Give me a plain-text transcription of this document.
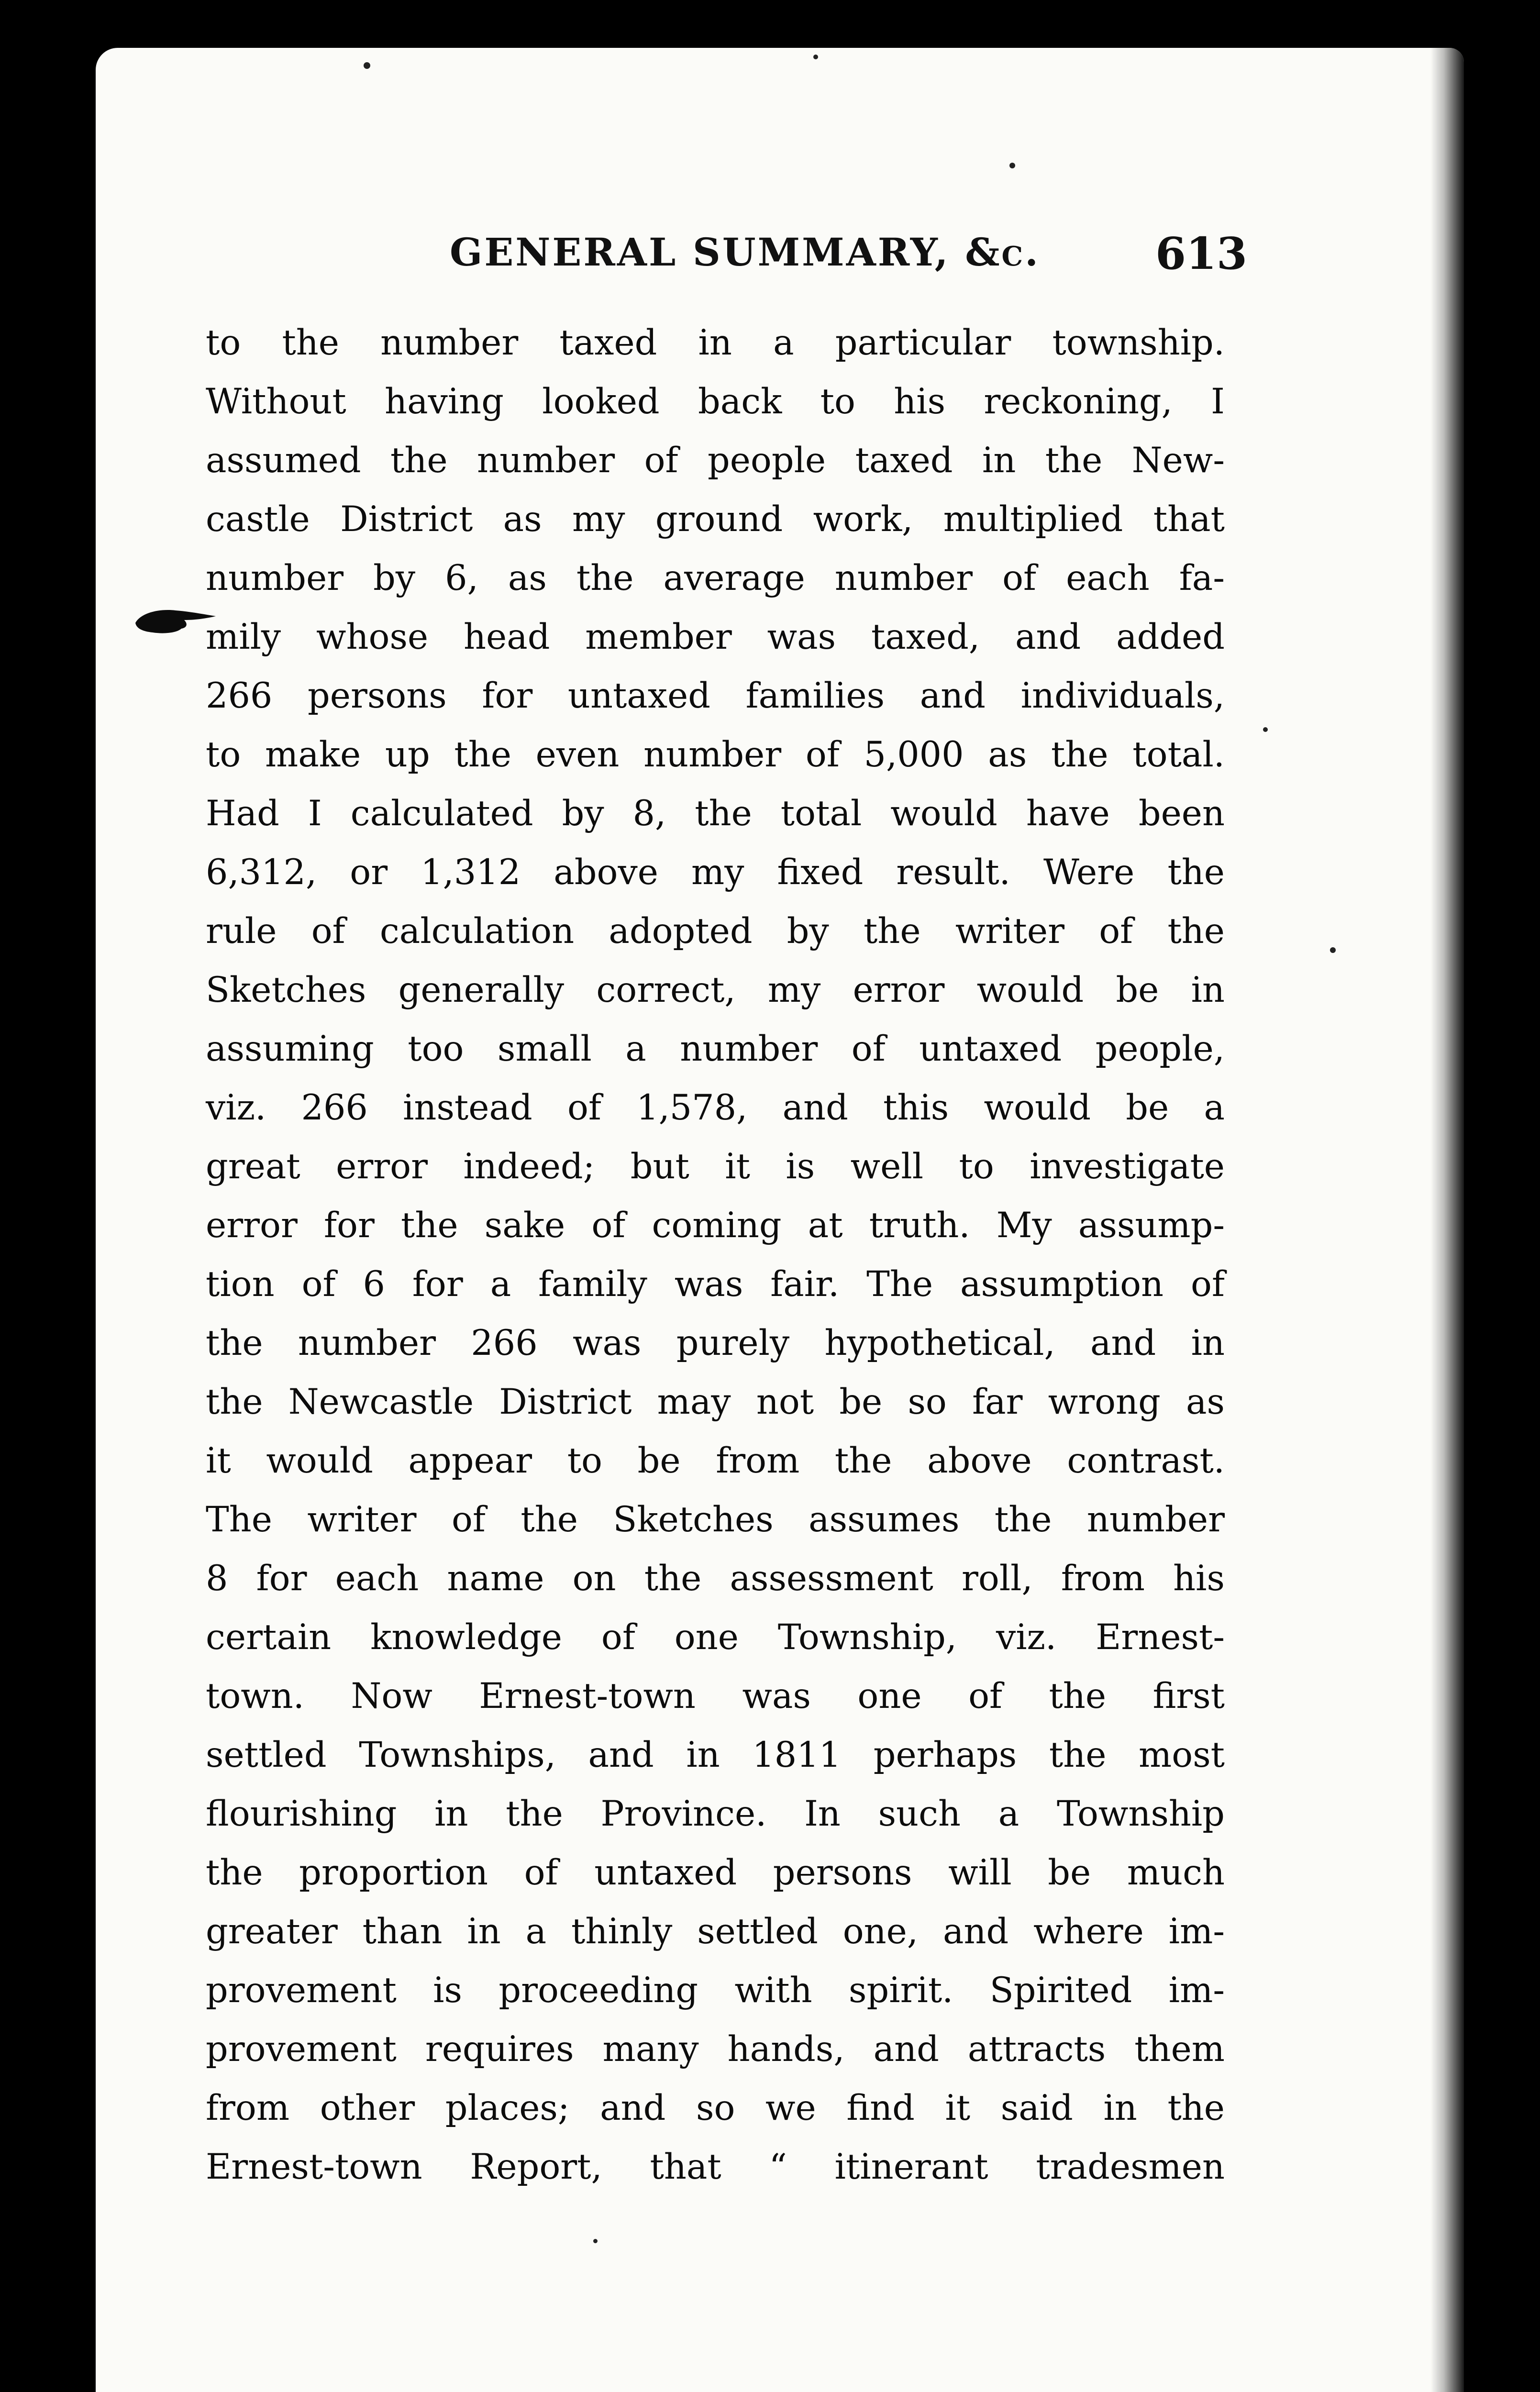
GENERAL SUMMARY, &c.	613
to the number taxed in a particular township.
Without having looked back to his reckoning, I
assumed the number of people taxed in the New-
castle District as my ground work, multiplied that
number by 6, as the average number of each fa-
mily whose head member was taxed, and added
266 persons for untaxed families and individuals,
to make up the even number of 5,000 as the total.
Had I calculated by 8, the total would have been
6,312, or 1,312 above my fixed result. Were the
rule of calculation adopted by the writer of the
Sketches generally correct, my error would be in
assuming too small a number of untaxed people,
viz. 266 instead of 1,578, and this would be a
great error indeed; but it is well to investigate
error for the sake of coming at truth. My assump-
tion of 6 for a family was fair. The assumption of
the number 266 was purely hypothetical, and in
the Newcastle District may not be so far wrong as
it would appear to be from the above contrast.
The writer of the Sketches assumes the number
8 for each name on the assessment roll, from his
certain knowledge of one Township, viz. Ernest-
town. Now Ernest-town was one of the first
settled Townships, and in 1811 perhaps the most
flourishing in the Province. In such a Township
the proportion of untaxed persons will be much
greater than in a thinly settled one, and where im-
provement is proceeding with spirit. Spirited im-
provement requires many hands, and attracts them
from other places; and so we find it said in the
Ernest-town Report, that “ itinerant tradesmen
